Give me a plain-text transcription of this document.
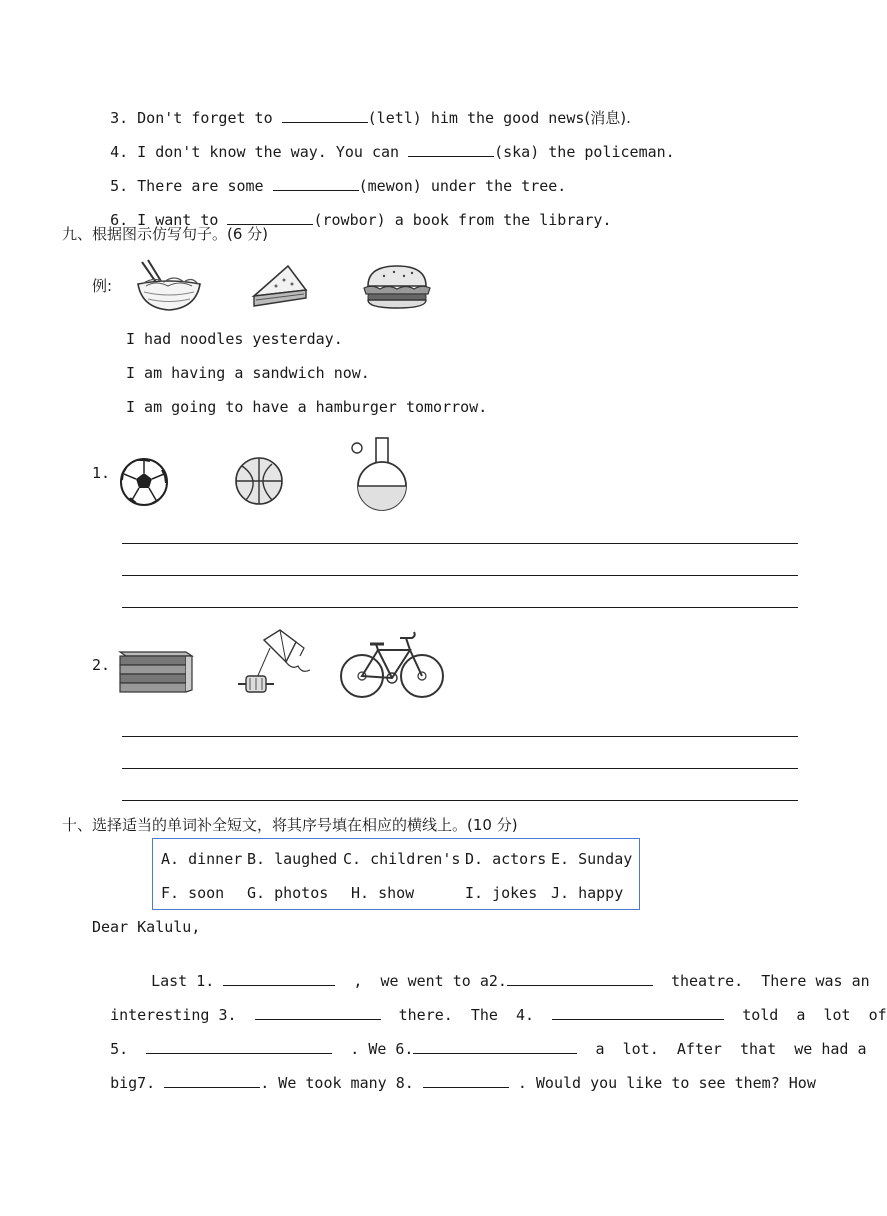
3. Don't forget to	(letl) him the good news(消息).

4. I don't know the way. You can	(ska) the policeman.

5. There are some	(mewon) under the tree.

6. I want to	(rowbor) a book from the library.

九、根据图示仿写句子。(6 分)
例:
I had noodles yesterday.
I am having a sandwich now.
I am going to have a hamburger tomorrow.
1.
2.
十、选择适当的单词补全短文，将其序号填在相应的横线上。(10 分)
A. dinner B. laughed C. children's D. actors E. Sunday
F. soon G. photos H. show	I. jokes J. happy
Dear Kalulu,

Last 1.	, we went to a2.	theatre. There was an

interesting 3.	there. The 4.	told a lot of

5.	. We 6.	a lot. After that we had a

big7.	. We took many 8.	. Would you like to see them? How
